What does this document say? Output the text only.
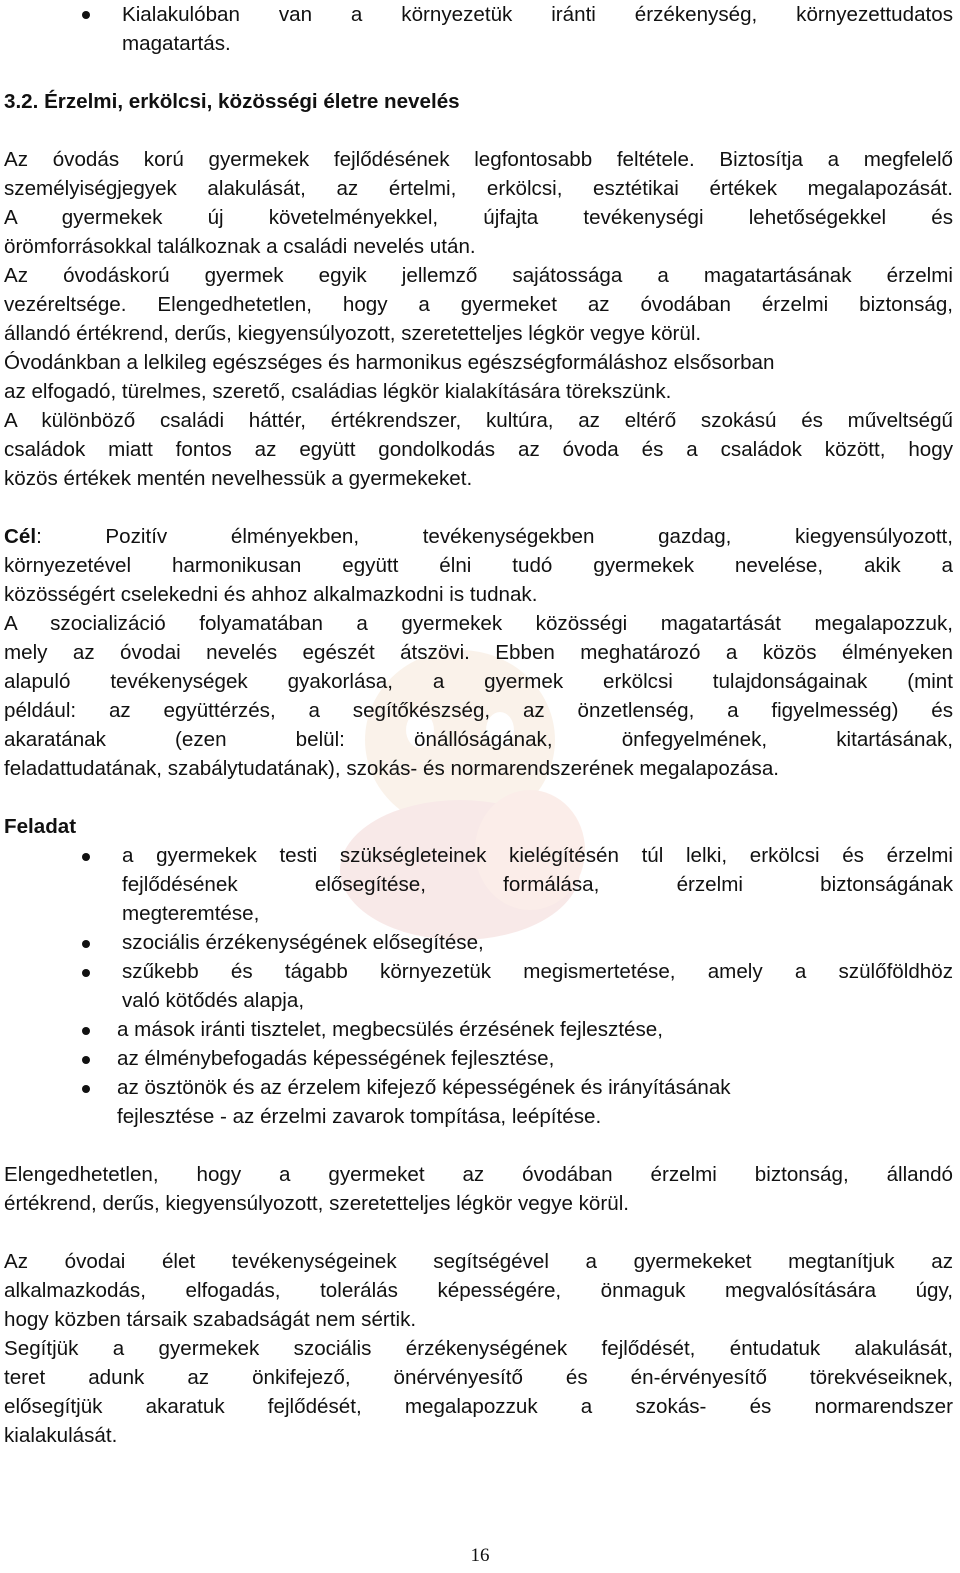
Kialakulóban van a környezetük iránti érzékenység, környezettudatos
magatartás.
3.2. Érzelmi, erkölcsi, közösségi életre nevelés
Az óvodás korú gyermekek fejlődésének legfontosabb feltétele. Biztosítja a megfelelő
személyiségjegyek alakulását, az értelmi, erkölcsi, esztétikai értékek megalapozását.
A gyermekek új követelményekkel, újfajta tevékenységi lehetőségekkel és
örömforrásokkal találkoznak a családi nevelés után.
Az óvodáskorú gyermek egyik jellemző sajátossága a magatartásának érzelmi
vezéreltsége. Elengedhetetlen, hogy a gyermeket az óvodában érzelmi biztonság,
állandó értékrend, derűs, kiegyensúlyozott, szeretetteljes légkör vegye körül.
Óvodánkban a lelkileg egészséges és harmonikus egészségformáláshoz elsősorban
az elfogadó, türelmes, szerető, családias légkör kialakítására törekszünk.
A különböző családi háttér, értékrendszer, kultúra, az eltérő szokású és műveltségű
családok miatt fontos az együtt gondolkodás az óvoda és a családok között, hogy
közös értékek mentén nevelhessük a gyermekeket.
Cél : Pozitív élményekben, tevékenységekben gazdag, kiegyensúlyozott,
környezetével harmonikusan együtt élni tudó gyermekek nevelése, akik a
közösségért cselekedni és ahhoz alkalmazkodni is tudnak.
A szocializáció folyamatában a gyermekek közösségi magatartását megalapozzuk,
mely az óvodai nevelés egészét átszövi. Ebben meghatározó a közös élményeken
alapuló tevékenységek gyakorlása, a gyermek erkölcsi tulajdonságainak (mint
például: az együttérzés, a segítőkészség, az önzetlenség, a figyelmesség) és
akaratának (ezen belül: önállóságának, önfegyelmének, kitartásának,
feladattudatának, szabálytudatának), szokás- és normarendszerének megalapozása.
Feladat
a gyermekek testi szükségleteinek kielégítésén túl lelki, erkölcsi és érzelmi
fejlődésének elősegítése, formálása, érzelmi biztonságának
megteremtése,
szociális érzékenységének elősegítése,
szűkebb és tágabb környezetük megismertetése, amely a szülőföldhöz
való kötődés alapja,
a mások iránti tisztelet, megbecsülés érzésének fejlesztése,
az élménybefogadás képességének fejlesztése,
az ösztönök és az érzelem kifejező képességének és irányításának
fejlesztése - az érzelmi zavarok tompítása, leépítése.
Elengedhetetlen, hogy a gyermeket az óvodában érzelmi biztonság, állandó
értékrend, derűs, kiegyensúlyozott, szeretetteljes légkör vegye körül.
Az óvodai élet tevékenységeinek segítségével a gyermekeket megtanítjuk az
alkalmazkodás, elfogadás, tolerálás képességére, önmaguk megvalósítására úgy,
hogy közben társaik szabadságát nem sértik.
Segítjük a gyermekek szociális érzékenységének fejlődését, éntudatuk alakulását,
teret adunk az önkifejező, önérvényesítő és én-érvényesítő törekvéseiknek,
elősegítjük akaratuk fejlődését, megalapozzuk a szokás- és normarendszer
kialakulását.
16
